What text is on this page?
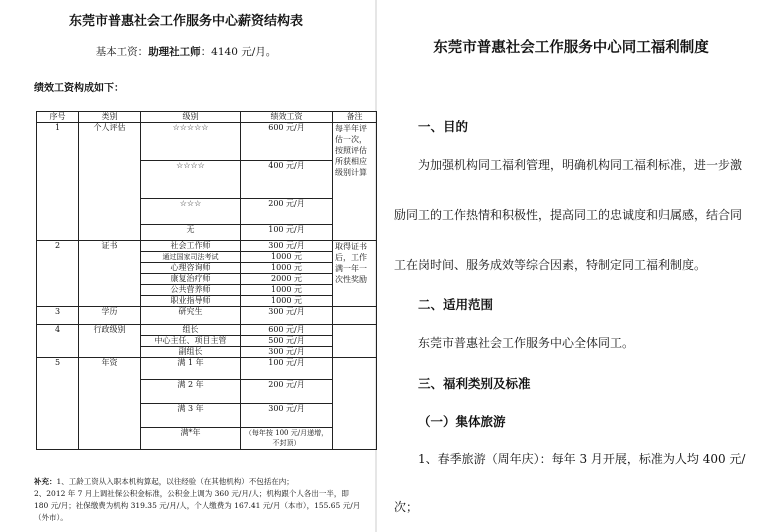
东莞市普惠社会工作服务中心薪资结构表
基本工资：助理社工师：4140 元/月。
绩效工资构成如下：
序号	类别	级别	绩效工资	备注
1	个人评估	☆☆☆☆☆	600 元/月	每半年评估一次，按照评估所获相应级别计算
		☆☆☆☆	400 元/月	
		☆☆☆	200 元/月	
		无	100 元/月	
2	证书	社会工作师	300 元/月	取得证书后，工作满一年一次性奖励
		通过国家司法考试	1000 元	
		心理咨询师	1000 元	
		康复治疗师	2000 元	
		公共营养师	1000 元	
		职业指导师	1000 元	
3	学历	研究生	300 元/月	
4	行政级别	组长	600 元/月	
		中心主任、项目主管	500 元/月	
		副组长	300 元/月	
5	年资	满 1 年	100 元/月	
		满 2 年	200 元/月	
		满 3 年	300 元/月	
		满*年	（每年按 100 元/月递增，不封顶）	
补充：1、工龄工资从入职本机构算起，以往经验（在其他机构）不包括在内；
2、2012 年 7 月上调社保公积金标准，公积金上调为 360 元/月/人；机构跟个人各出一半，即 180 元/月；社保缴费为机构 319.35 元/月/人，个人缴费为 167.41 元/月（本市），155.65 元/月（外市）。
东莞市普惠社会工作服务中心同工福利制度
一、目的
为加强机构同工福利管理，明确机构同工福利标准，进一步激
励同工的工作热情和积极性，提高同工的忠诚度和归属感，结合同
工在岗时间、服务成效等综合因素，特制定同工福利制度。
二、适用范围
东莞市普惠社会工作服务中心全体同工。
三、福利类别及标准
（一）集体旅游
1、春季旅游（周年庆）：每年 3 月开展，标准为人均 400 元/
次；
